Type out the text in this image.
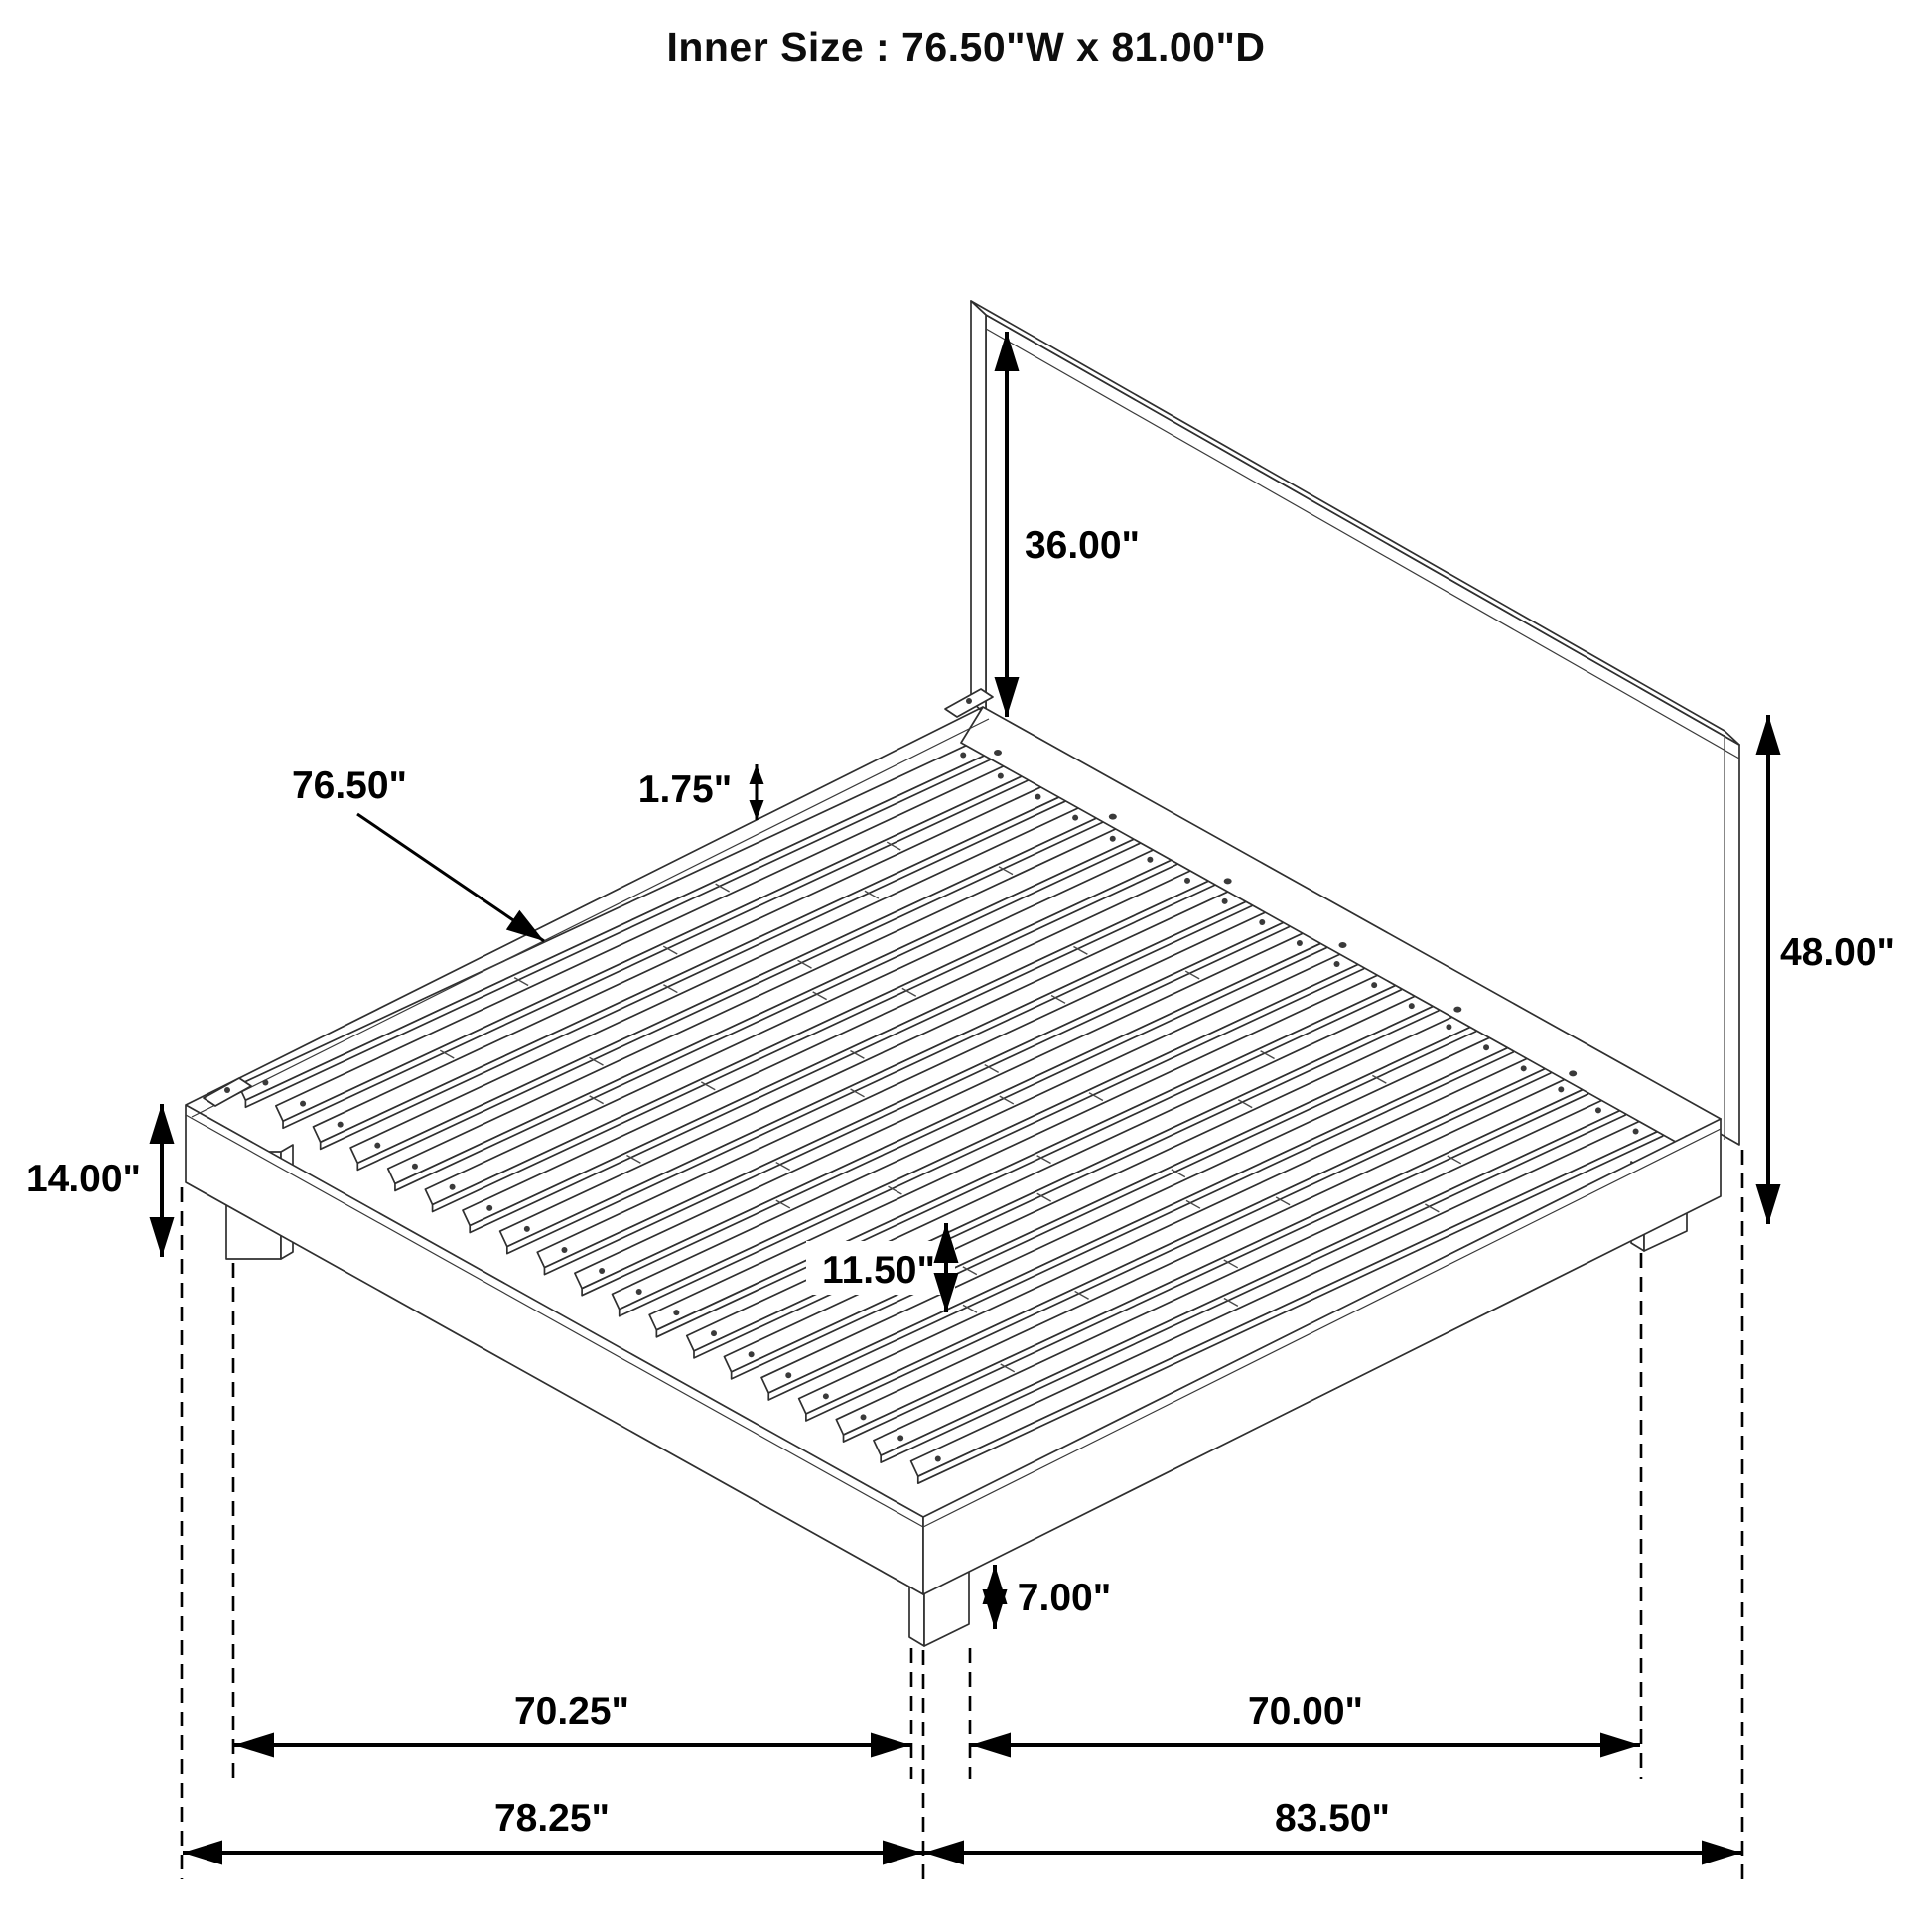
Inner Size : 76.50"W x 81.00"D
36.00"
48.00"
14.00"
11.50"
7.00"
1.75"
70.25"	70.00"
78.25"	83.50"
76.50"
